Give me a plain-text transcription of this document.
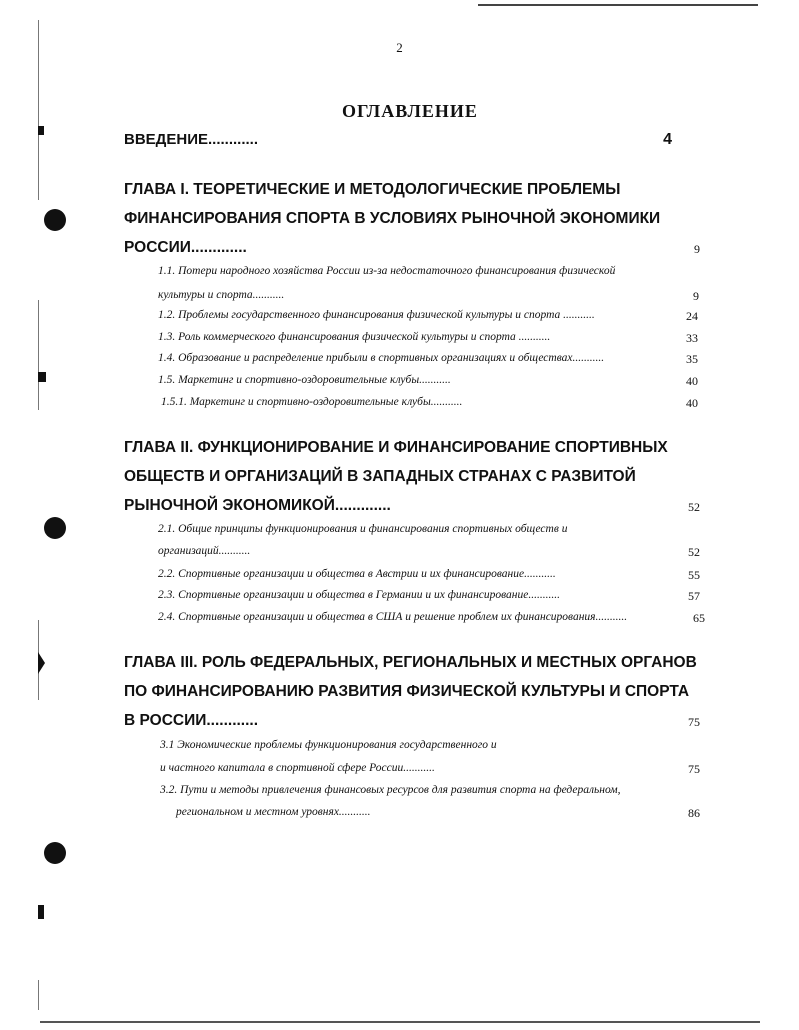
2
ОГЛАВЛЕНИЕ
ВВЕДЕНИЕ............	4
ГЛАВА I. ТЕОРЕТИЧЕСКИЕ И МЕТОДОЛОГИЧЕСКИЕ ПРОБЛЕМЫ
ФИНАНСИРОВАНИЯ СПОРТА В УСЛОВИЯХ РЫНОЧНОЙ ЭКОНОМИКИ
РОССИИ.............	9
1.1. Потери народного хозяйства России из-за недостаточного финансирования физической
культуры и спорта...........	9
1.2. Проблемы государственного финансирования физической культуры и спорта ...........	24
1.3. Роль коммерческого финансирования физической культуры и спорта ...........	33
1.4. Образование и распределение прибыли в спортивных организациях и обществах...........	35
1.5. Маркетинг и спортивно-оздоровительные клубы...........	40
1.5.1. Маркетинг и спортивно-оздоровительные клубы...........	40
ГЛАВА II. ФУНКЦИОНИРОВАНИЕ И ФИНАНСИРОВАНИЕ СПОРТИВНЫХ
ОБЩЕСТВ И ОРГАНИЗАЦИЙ В ЗАПАДНЫХ СТРАНАХ С РАЗВИТОЙ
РЫНОЧНОЙ ЭКОНОМИКОЙ.............	52
2.1. Общие принципы функционирования и финансирования спортивных обществ и
организаций...........	52
2.2. Спортивные организации и общества в Австрии и их финансирование...........	55
2.3. Спортивные организации и общества в Германии и их финансирование...........	57
2.4. Спортивные организации и общества в США и решение проблем их финансирования...........	65
ГЛАВА III. РОЛЬ ФЕДЕРАЛЬНЫХ, РЕГИОНАЛЬНЫХ И МЕСТНЫХ ОРГАНОВ
ПО ФИНАНСИРОВАНИЮ РАЗВИТИЯ ФИЗИЧЕСКОЙ КУЛЬТУРЫ И СПОРТА
В РОССИИ............	75
3.1 Экономические проблемы функционирования государственного и
и частного капитала в спортивной сфере России...........	75
3.2. Пути и методы привлечения финансовых ресурсов для развития спорта на федеральном,
региональном и местном уровнях...........	86
